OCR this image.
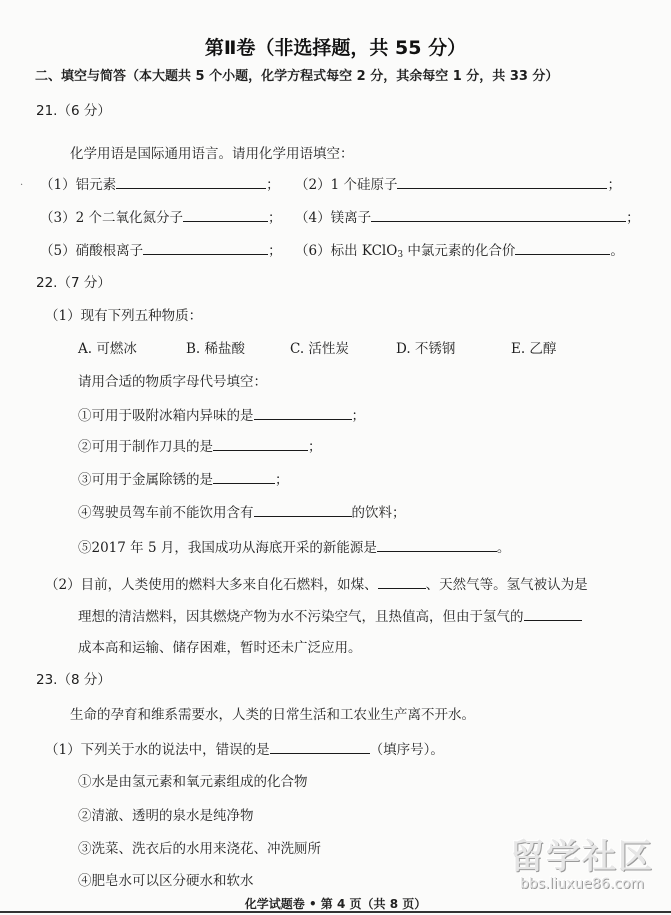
第Ⅱ卷（非选择题，共 55 分）
二、填空与简答（本大题共 5 个小题，化学方程式每空 2 分，其余每空 1 分，共 33 分）
21.（6 分）
化学用语是国际通用语言。请用化学用语填空：
· （1）铝元素	； （2）1 个硅原子	；
（3）2 个二氧化氮分子	； （4）镁离子	；
（5）硝酸根离子	； （6）标出 KClO$_3$ 中氯元素的化合价	。
22.（7 分）
（1）现有下列五种物质：
A. 可燃冰	B. 稀盐酸	C. 活性炭	D. 不锈钢	E. 乙醇
请用合适的物质字母代号填空：
①可用于吸附冰箱内异味的是	；
②可用于制作刀具的是	；
③可用于金属除锈的是	；
④驾驶员驾车前不能饮用含有	的饮料；
⑤2017 年 5 月，我国成功从海底开采的新能源是	。
（2）目前，人类使用的燃料大多来自化石燃料，如煤、	、天然气等。氢气被认为是
理想的清洁燃料，因其燃烧产物为水不污染空气，且热值高，但由于氢气的
成本高和运输、储存困难，暂时还未广泛应用。
23.（8 分）
生命的孕育和维系需要水，人类的日常生活和工农业生产离不开水。
（1）下列关于水的说法中，错误的是	（填序号）。
①水是由氢元素和氧元素组成的化合物
②清澈、透明的泉水是纯净物
③洗菜、洗衣后的水用来浇花、冲洗厕所
④肥皂水可以区分硬水和软水
留学社区
bbs.liuxue86.com
化学试题卷 • 第 4 页（共 8 页）
